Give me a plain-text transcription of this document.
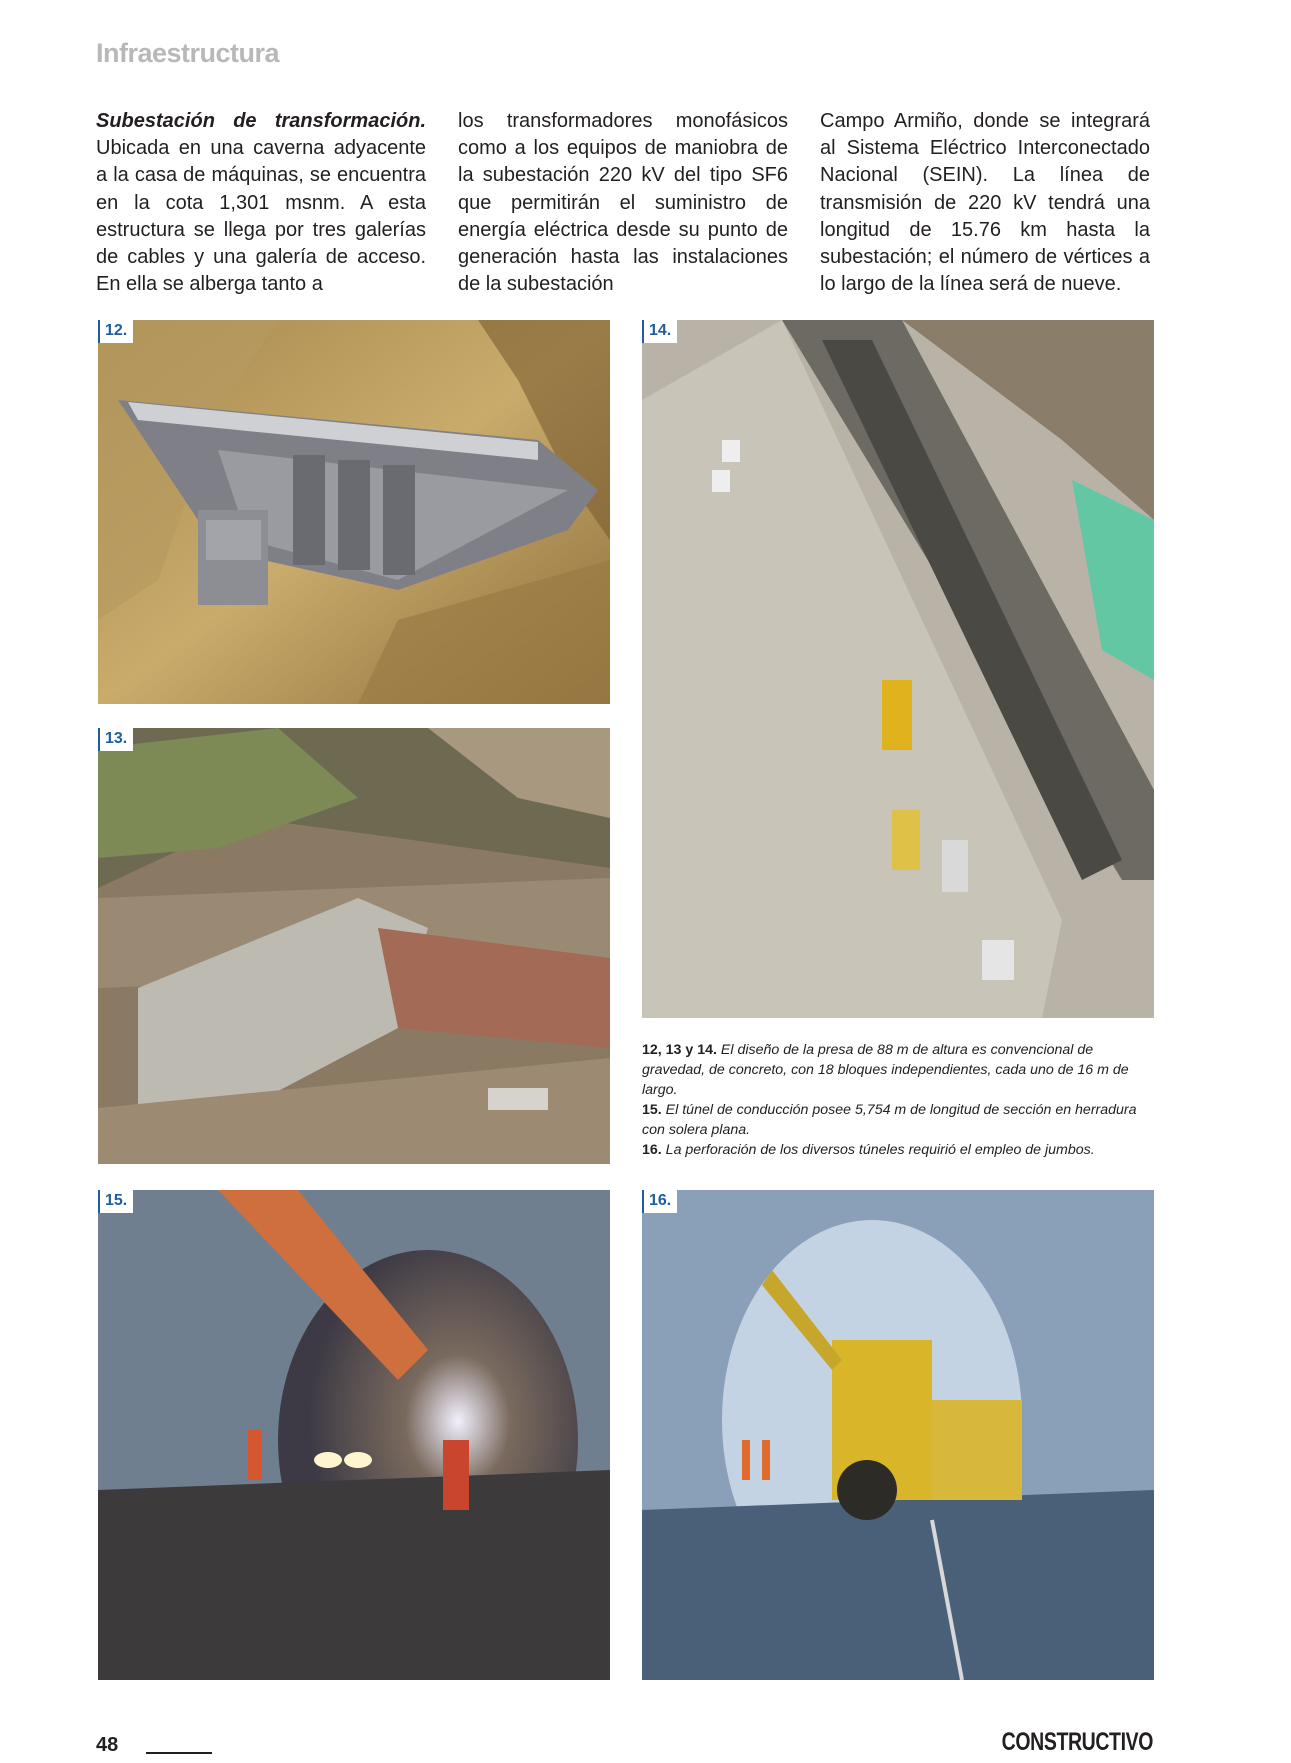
Infraestructura
Subestación de transformación. Ubicada en una caverna adyacente a la casa de máquinas, se encuentra en la cota 1,301 msnm. A esta estructura se llega por tres galerías de cables y una galería de acceso. En ella se alberga tanto a
los transformadores monofásicos como a los equipos de maniobra de la subestación 220 kV del tipo SF6 que permitirán el suministro de energía eléctrica desde su punto de generación hasta las instalaciones de la subestación
Campo Armiño, donde se integrará al Sistema Eléctrico Interconectado Nacional (SEIN). La línea de transmisión de 220 kV tendrá una longitud de 15.76 km hasta la subestación; el número de vértices a lo largo de la línea será de nueve.
12.
13.
14.

12, 13 y 14. El diseño de la presa de 88 m de altura es convencional de gravedad, de concreto, con 18 bloques independientes, cada uno de 16 m de largo.

15. El túnel de conducción posee 5,754 m de longitud de sección en herradura con solera plana.

16. La perforación de los diversos túneles requirió el empleo de jumbos.

15.	16.
48	CONSTRUCTIVO
